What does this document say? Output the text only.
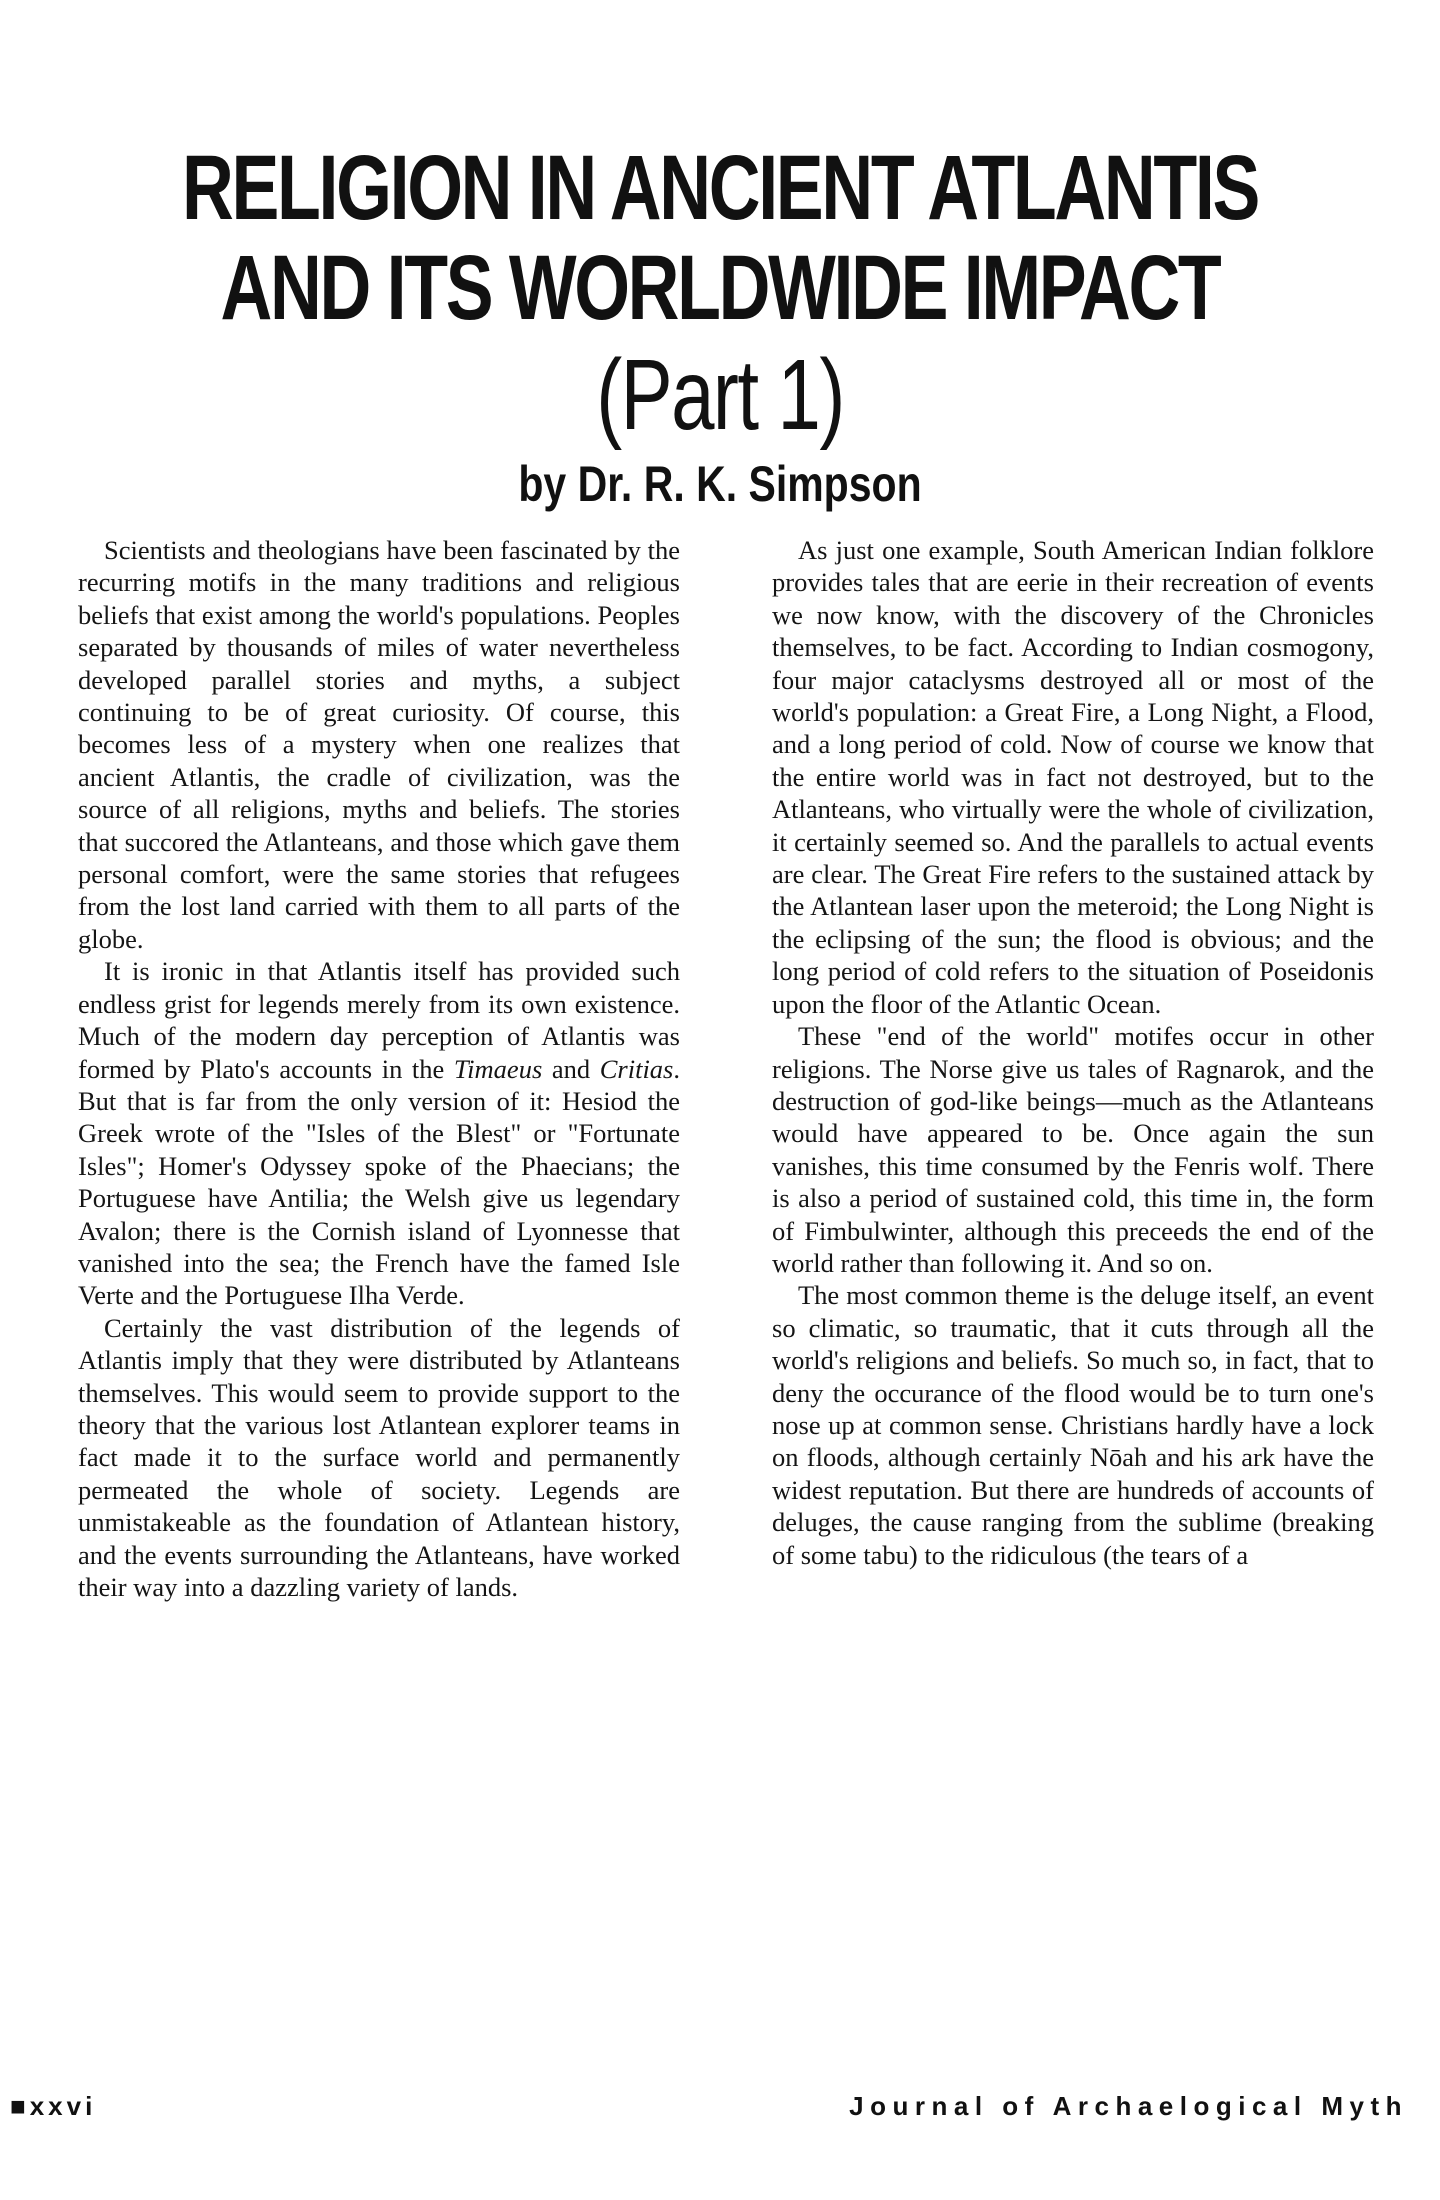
RELIGION IN ANCIENT ATLANTIS
AND ITS WORLDWIDE IMPACT
(Part 1)
by Dr. R. K. Simpson

Scientists and theologians have been fascinated by the recurring motifs in the many traditions and religious beliefs that exist among the world's populations. Peoples separated by thousands of miles of water nevertheless developed parallel stories and myths, a subject continuing to be of great curiosity. Of course, this becomes less of a mystery when one realizes that ancient Atlantis, the cradle of civilization, was the source of all religions, myths and beliefs. The stories that succored the Atlanteans, and those which gave them personal comfort, were the same stories that refugees from the lost land carried with them to all parts of the globe.

It is ironic in that Atlantis itself has provided such endless grist for legends merely from its own existence. Much of the modern day perception of Atlantis was formed by Plato's accounts in the Timaeus and Critias. But that is far from the only version of it: Hesiod the Greek wrote of the "Isles of the Blest" or "Fortunate Isles"; Homer's Odyssey spoke of the Phaecians; the Portuguese have Antilia; the Welsh give us legendary Avalon; there is the Cornish island of Lyonnesse that vanished into the sea; the French have the famed Isle Verte and the Portuguese Ilha Verde.

Certainly the vast distribution of the legends of Atlantis imply that they were distributed by Atlanteans themselves. This would seem to provide support to the theory that the various lost Atlantean explorer teams in fact made it to the surface world and permanently permeated the whole of society. Legends are unmistakeable as the foundation of Atlantean history, and the events surrounding the Atlanteans, have worked their way into a dazzling variety of lands.

As just one example, South American Indian folklore provides tales that are eerie in their recreation of events we now know, with the discovery of the Chronicles themselves, to be fact. According to Indian cosmogony, four major cataclysms destroyed all or most of the world's population: a Great Fire, a Long Night, a Flood, and a long period of cold. Now of course we know that the entire world was in fact not destroyed, but to the Atlanteans, who virtually were the whole of civilization, it certainly seemed so. And the parallels to actual events are clear. The Great Fire refers to the sustained attack by the Atlantean laser upon the meteroid; the Long Night is the eclipsing of the sun; the flood is obvious; and the long period of cold refers to the situation of Poseidonis upon the floor of the Atlantic Ocean.

These "end of the world" motifes occur in other religions. The Norse give us tales of Ragnarok, and the destruction of god-like beings—much as the Atlanteans would have appeared to be. Once again the sun vanishes, this time consumed by the Fenris wolf. There is also a period of sustained cold, this time in, the form of Fimbulwinter, although this preceeds the end of the world rather than following it. And so on.

The most common theme is the deluge itself, an event so climatic, so traumatic, that it cuts through all the world's religions and beliefs. So much so, in fact, that to deny the occurance of the flood would be to turn one's nose up at common sense. Christians hardly have a lock on floods, although certainly Nōah and his ark have the widest reputation. But there are hundreds of accounts of deluges, the cause ranging from the sublime (breaking of some tabu) to the ridiculous (the tears of a

■xxvi	Journal of Archaelogical Myth
